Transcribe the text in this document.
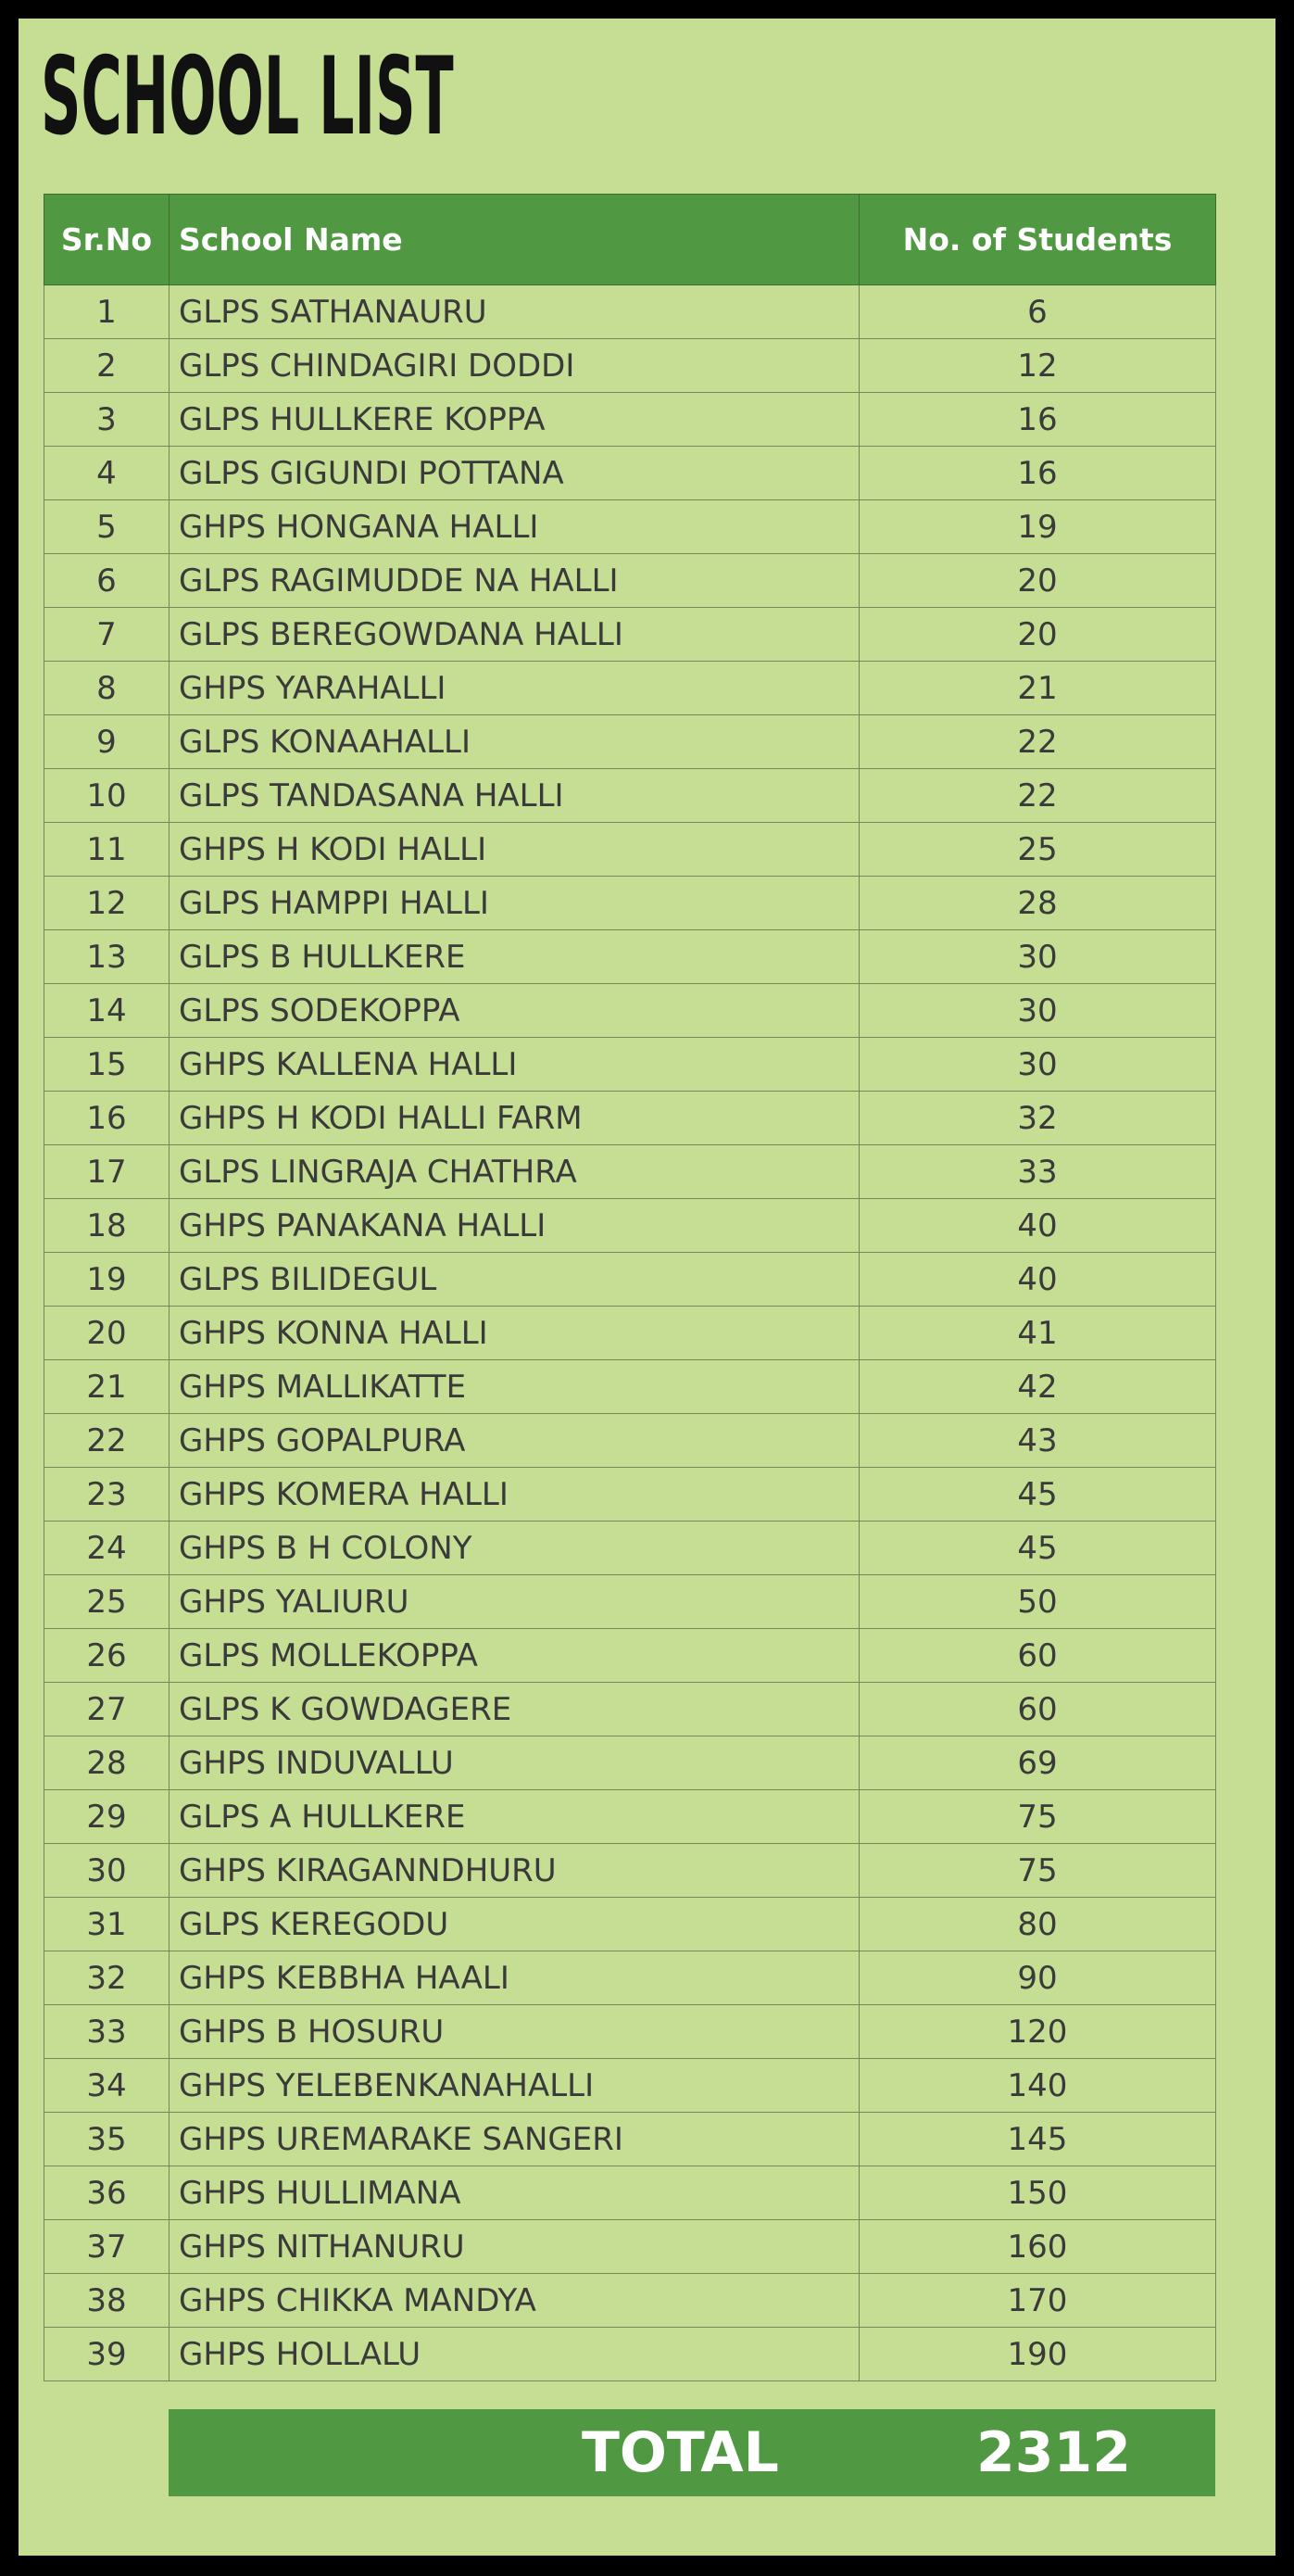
SCHOOL LIST
Sr.No	School Name	No. of Students
1	GLPS SATHANAURU	6
2	GLPS CHINDAGIRI DODDI	12
3	GLPS HULLKERE KOPPA	16
4	GLPS GIGUNDI POTTANA	16
5	GHPS HONGANA HALLI	19
6	GLPS RAGIMUDDE NA HALLI	20
7	GLPS BEREGOWDANA HALLI	20
8	GHPS YARAHALLI	21
9	GLPS KONAAHALLI	22
10	GLPS TANDASANA HALLI	22
11	GHPS H KODI HALLI	25
12	GLPS HAMPPI HALLI	28
13	GLPS B HULLKERE	30
14	GLPS SODEKOPPA	30
15	GHPS KALLENA HALLI	30
16	GHPS H KODI HALLI FARM	32
17	GLPS LINGRAJA CHATHRA	33
18	GHPS PANAKANA HALLI	40
19	GLPS BILIDEGUL	40
20	GHPS KONNA HALLI	41
21	GHPS MALLIKATTE	42
22	GHPS GOPALPURA	43
23	GHPS KOMERA HALLI	45
24	GHPS B H COLONY	45
25	GHPS YALIURU	50
26	GLPS MOLLEKOPPA	60
27	GLPS K GOWDAGERE	60
28	GHPS INDUVALLU	69
29	GLPS A HULLKERE	75
30	GHPS KIRAGANNDHURU	75
31	GLPS KEREGODU	80
32	GHPS KEBBHA HAALI	90
33	GHPS B HOSURU	120
34	GHPS YELEBENKANAHALLI	140
35	GHPS UREMARAKE SANGERI	145
36	GHPS HULLIMANA	150
37	GHPS NITHANURU	160
38	GHPS CHIKKA MANDYA	170
39	GHPS HOLLALU	190
TOTAL	2312
